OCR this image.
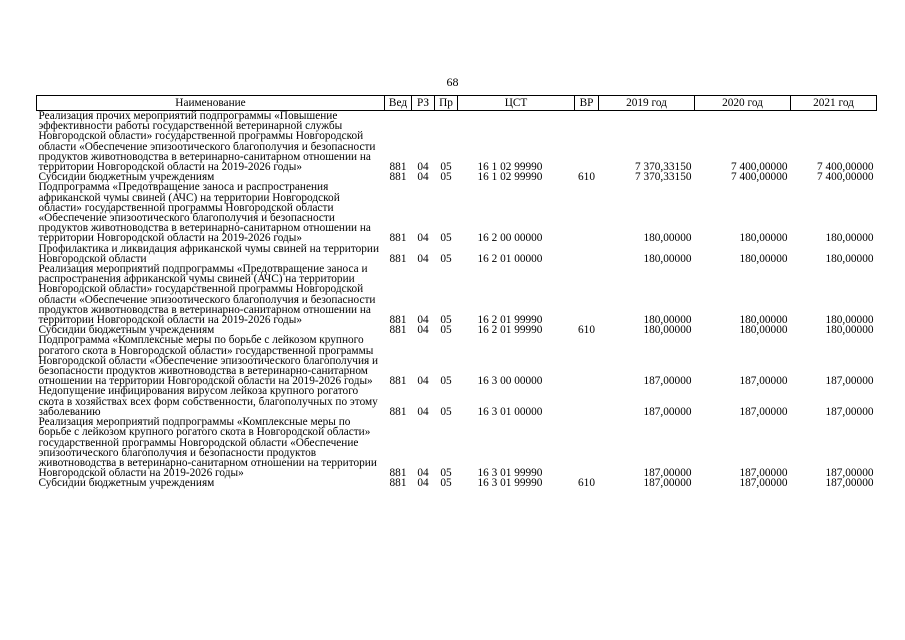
68
Наименование	Вед	РЗ	Пр	ЦСТ	ВР	2019 год	2020 год	2021 год
Реализация прочих мероприятий подпрограммы «Повышение эффективности работы государственной ветеринарной службы Новгородской области» государственной программы Новгородской области «Обеспечение эпизоотического благополучия и безопасности продуктов животноводства в ветеринарно-санитарном отношении на территории Новгородской области на 2019-2026 годы»	881	04	05	16 1 02 99990		7 370,33150	7 400,00000	7 400,00000
Субсидии бюджетным учреждениям	881	04	05	16 1 02 99990	610	7 370,33150	7 400,00000	7 400,00000
Подпрограмма «Предотвращение заноса и распространения африканской чумы свиней (АЧС) на территории Новгородской области» государственной программы Новгородской области «Обеспечение эпизоотического благополучия и безопасности продуктов животноводства в ветеринарно-санитарном отношении на территории Новгородской области на 2019-2026 годы»	881	04	05	16 2 00 00000		180,00000	180,00000	180,00000
Профилактика и ликвидация африканской чумы свиней на территории Новгородской области	881	04	05	16 2 01 00000		180,00000	180,00000	180,00000
Реализация мероприятий подпрограммы «Предотвращение заноса и распространения африканской чумы свиней (АЧС) на территории Новгородской области» государственной программы Новгородской области «Обеспечение эпизоотического благополучия и безопасности продуктов животноводства в ветеринарно-санитарном отношении на территории Новгородской области на 2019-2026 годы»	881	04	05	16 2 01 99990		180,00000	180,00000	180,00000
Субсидии бюджетным учреждениям	881	04	05	16 2 01 99990	610	180,00000	180,00000	180,00000
Подпрограмма «Комплексные меры по борьбе с лейкозом крупного рогатого скота в Новгородской области» государственной программы Новгородской области «Обеспечение эпизоотического благополучия и безопасности продуктов животноводства в ветеринарно-санитарном отношении на территории Новгородской области на 2019-2026 годы»	881	04	05	16 3 00 00000		187,00000	187,00000	187,00000
Недопущение инфицирования вирусом лейкоза крупного рогатого скота в хозяйствах всех форм собственности, благополучных по этому заболеванию	881	04	05	16 3 01 00000		187,00000	187,00000	187,00000
Реализация мероприятий подпрограммы «Комплексные меры по борьбе с лейкозом крупного рогатого скота в Новгородской области» государственной программы Новгородской области «Обеспечение эпизоотического благополучия и безопасности продуктов животноводства в ветеринарно-санитарном отношении на территории Новгородской области на 2019-2026 годы»	881	04	05	16 3 01 99990		187,00000	187,00000	187,00000
Субсидии бюджетным учреждениям	881	04	05	16 3 01 99990	610	187,00000	187,00000	187,00000
